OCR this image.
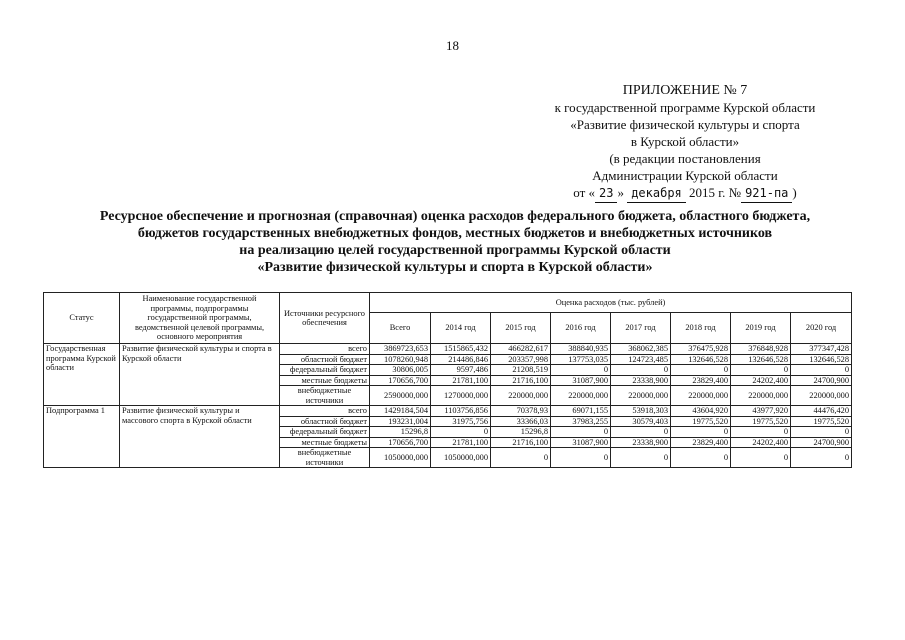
18
ПРИЛОЖЕНИЕ № 7
к государственной программе Курской области
«Развитие физической культуры и спорта
в Курской области»
(в редакции постановления
Администрации Курской области
от « 23 » декабря 2015 г. № 921-па )
Ресурсное обеспечение и прогнозная (справочная) оценка расходов федерального бюджета, областного бюджета,
бюджетов государственных внебюджетных фондов, местных бюджетов и внебюджетных источников
на реализацию целей государственной программы Курской области
«Развитие физической культуры и спорта в Курской области»
Статус	Наименование государственной программы, подпрограммы государственной программы, ведомственной целевой программы, основного мероприятия	Источники ресурсного обеспечения	Оценка расходов (тыс. рублей)							
			Всего	2014 год	2015 год	2016 год	2017 год	2018 год	2019 год	2020 год
Государственная программа Курской области	Развитие физической культуры и спорта в Курской области	всего	3869723,653	1515865,432	466282,617	388840,935	368062,385	376475,928	376848,928	377347,428
		областной бюджет	1078260,948	214486,846	203357,998	137753,035	124723,485	132646,528	132646,528	132646,528
		федеральный бюджет	30806,005	9597,486	21208,519	0	0	0	0	0
		местные бюджеты	170656,700	21781,100	21716,100	31087,900	23338,900	23829,400	24202,400	24700,900
		внебюджетные источники	2590000,000	1270000,000	220000,000	220000,000	220000,000	220000,000	220000,000	220000,000
Подпрограмма 1	Развитие физической культуры и массового спорта в Курской области	всего	1429184,504	1103756,856	70378,93	69071,155	53918,303	43604,920	43977,920	44476,420
		областной бюджет	193231,004	31975,756	33366,03	37983,255	30579,403	19775,520	19775,520	19775,520
		федеральный бюджет	15296,8	0	15296,8	0	0	0	0	0
		местные бюджеты	170656,700	21781,100	21716,100	31087,900	23338,900	23829,400	24202,400	24700,900
		внебюджетные источники	1050000,000	1050000,000	0	0	0	0	0	0
